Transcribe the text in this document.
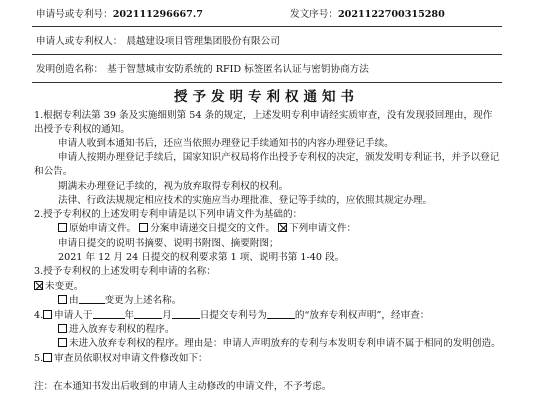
申请号或专利号：202111296667.7	发文序号：2021122700315280
申请人或专利权人： 晨越建设项目管理集团股份有限公司
发明创造名称： 基于智慧城市安防系统的 RFID 标签匿名认证与密钥协商方法
授予发明专利权通知书
1.根据专利法第 39 条及实施细则第 54 条的规定，上述发明专利申请经实质审查，没有发现驳回理由，现作
出授予专利权的通知。
申请人收到本通知书后，还应当依照办理登记手续通知书的内容办理登记手续。
申请人按期办理登记手续后，国家知识产权局将作出授予专利权的决定，颁发发明专利证书，并予以登记
和公告。
期满未办理登记手续的，视为放弃取得专利权的权利。
法律、行政法规规定相应技术的实施应当办理批准、登记等手续的，应依照其规定办理。
2.授予专利权的上述发明专利申请是以下列申请文件为基础的：
原始申请文件。 分案申请递交日提交的文件。 下列申请文件：
申请日提交的说明书摘要、说明书附图、摘要附图；
2021 年 12 月 24 日提交的权利要求第 1 项、说明书第 1-40 段。
3.授予专利权的上述发明专利申请的名称：
未变更。
由	变更为上述名称。
4. 申请人于	年	月	日提交专利号为	的“放弃专利权声明”，经审查：
进入放弃专利权的程序。
未进入放弃专利权的程序。理由是：申请人声明放弃的专利与本发明专利申请不属于相同的发明创造。
5. 审查员依职权对申请文件修改如下：
注：在本通知书发出后收到的申请人主动修改的申请文件，不予考虑。
